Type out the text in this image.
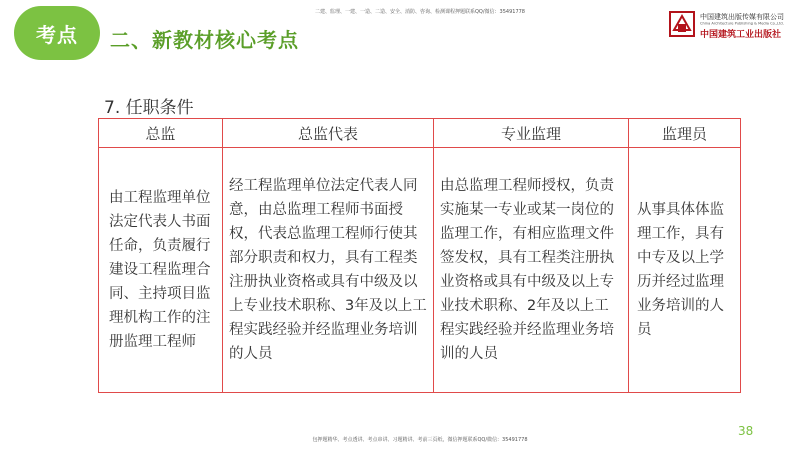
考点 二、新教材核心考点
二建、监理、一建、一造、二造、安全、消防、咨询、检测课程押题联系QQ/微信：35491778
中国建筑出版传媒有限公司
China Architecture Publishing & Media Co.,Ltd.
中国建筑工业出版社
7. 任职条件
总监	总监代表	专业监理	监理员
由工程监理单位法定代表人书面任命，负责履行建设工程监理合同、主持项目监理机构工作的注册监理工程师	经工程监理单位法定代表人同意，由总监理工程师书面授权，代表总监理工程师行使其部分职责和权力，具有工程类注册执业资格或具有中级及以上专业技术职称、3年及以上工程实践经验并经监理业务培训的人员	由总监理工程师授权，负责实施某一专业或某一岗位的监理工作，有相应监理文件签发权，具有工程类注册执业资格或具有中级及以上专业技术职称、2年及以上工程实践经验并经监理业务培训的人员	从事具体体监理工作，具有中专及以上学历并经过监理业务培训的人员
38
包押题精华、考点透讲、考点串讲、习题精讲、考前三页纸，微信押题联系QQ/微信：35491778
